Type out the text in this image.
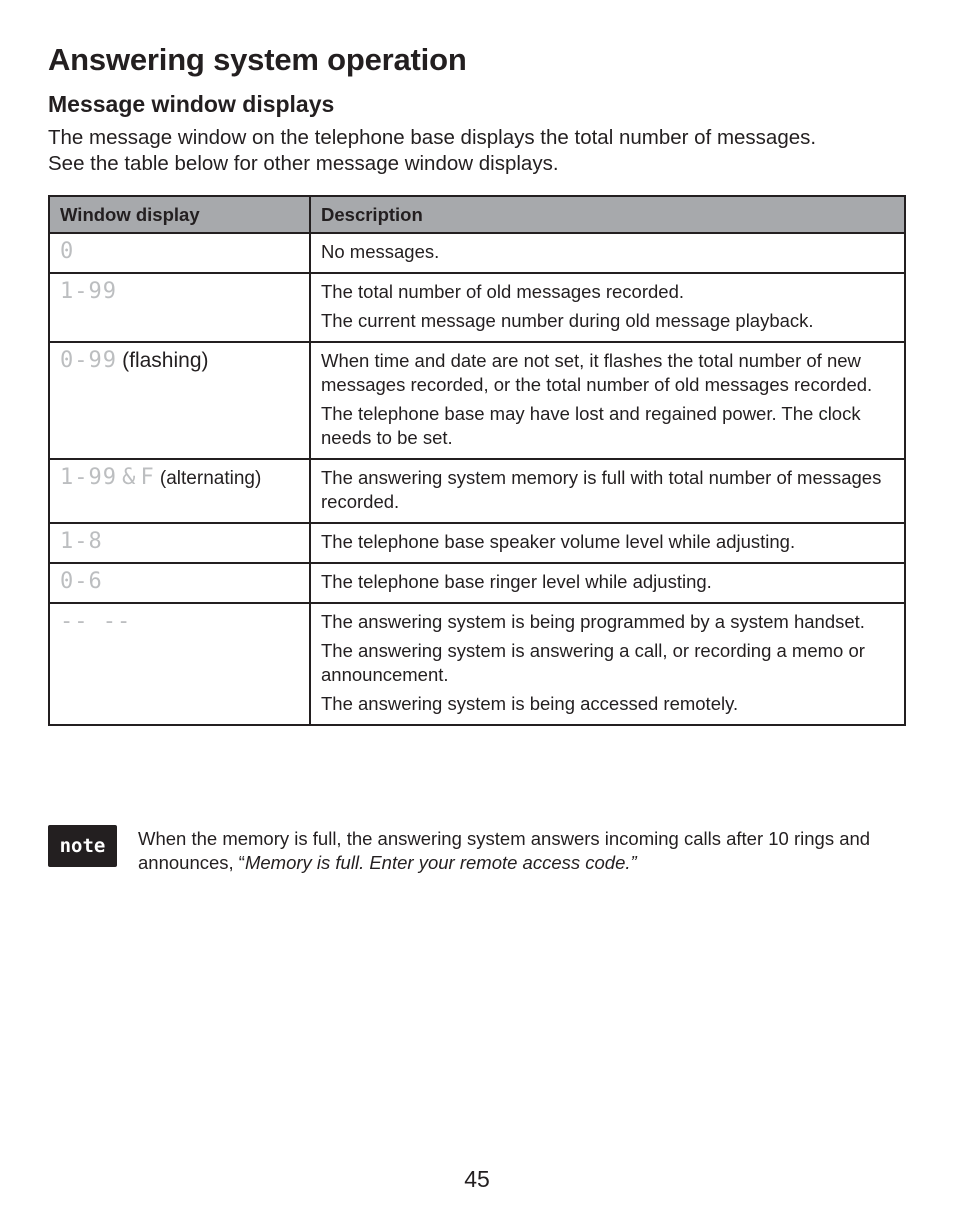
Answering system operation
Message window displays

The message window on the telephone base displays the total number of messages. See the table below for other message window displays.

Window display	Description
0	No messages.

1-99	The total number of old messages recorded.
The current message number during old message playback.

0-99 (flashing)	When time and date are not set, it flashes the total number of new messages recorded, or the total number of old messages recorded.
The telephone base may have lost and regained power. The clock needs to be set.

1-99 & F (alternating)	The answering system memory is full with total number of messages recorded.

1-8	The telephone base speaker volume level while adjusting.

0-6	The telephone base ringer level while adjusting.

-- --	The answering system is being programmed by a system handset.
The answering system is answering a call, or recording a memo or announcement.
The answering system is being accessed remotely.
note	When the memory is full, the answering system answers incoming calls after 10 rings and announces, “Memory is full. Enter your remote access code.”

45
